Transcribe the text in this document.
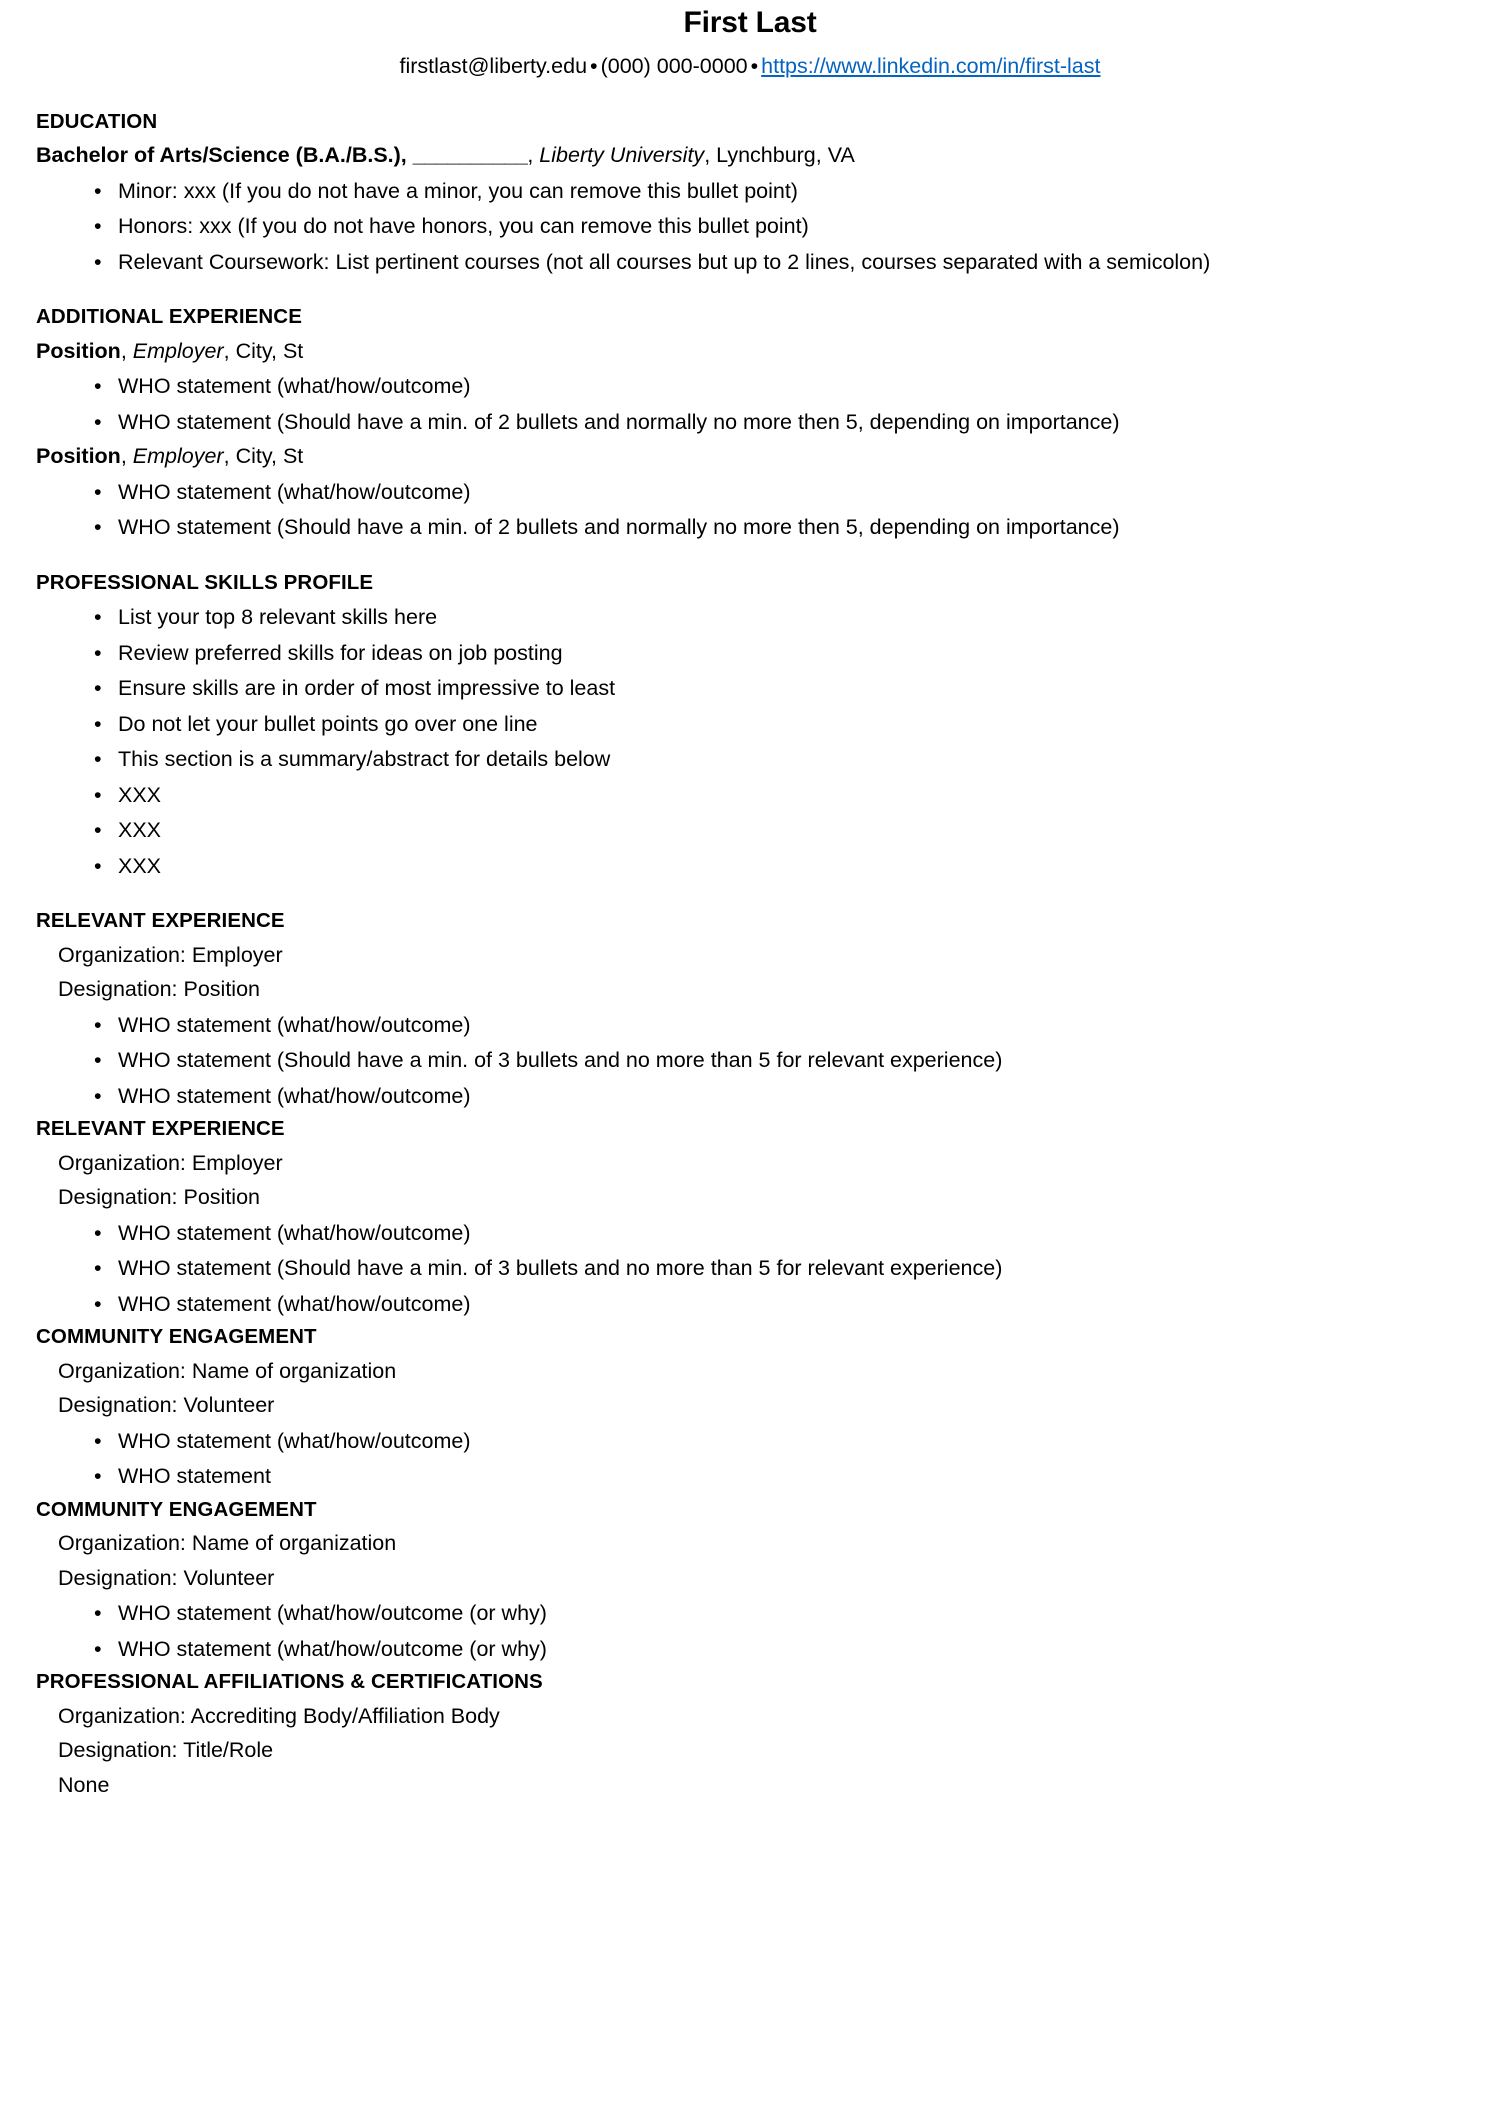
First Last
firstlast@liberty.edu • (000) 000-0000 • https://www.linkedin.com/in/first-last
EDUCATION
Bachelor of Arts/Science (B.A./B.S.), __________, Liberty University, Lynchburg, VA
• Minor: xxx (If you do not have a minor, you can remove this bullet point)
• Honors: xxx (If you do not have honors, you can remove this bullet point)
• Relevant Coursework: List pertinent courses (not all courses but up to 2 lines, courses separated with a semicolon)
ADDITIONAL EXPERIENCE
Position, Employer, City, St
• WHO statement (what/how/outcome)
• WHO statement (Should have a min. of 2 bullets and normally no more then 5, depending on importance)
Position, Employer, City, St
• WHO statement (what/how/outcome)
• WHO statement (Should have a min. of 2 bullets and normally no more then 5, depending on importance)
PROFESSIONAL SKILLS PROFILE
• List your top 8 relevant skills here
• Review preferred skills for ideas on job posting
• Ensure skills are in order of most impressive to least
• Do not let your bullet points go over one line
• This section is a summary/abstract for details below
• XXX
• XXX
• XXX
RELEVANT EXPERIENCE
Organization: Employer
Designation: Position
• WHO statement (what/how/outcome)
• WHO statement (Should have a min. of 3 bullets and no more than 5 for relevant experience)
• WHO statement (what/how/outcome)
RELEVANT EXPERIENCE
Organization: Employer
Designation: Position
• WHO statement (what/how/outcome)
• WHO statement (Should have a min. of 3 bullets and no more than 5 for relevant experience)
• WHO statement (what/how/outcome)
COMMUNITY ENGAGEMENT
Organization: Name of organization
Designation: Volunteer
• WHO statement (what/how/outcome)
• WHO statement
COMMUNITY ENGAGEMENT
Organization: Name of organization
Designation: Volunteer
• WHO statement (what/how/outcome (or why)
• WHO statement (what/how/outcome (or why)
PROFESSIONAL AFFILIATIONS & CERTIFICATIONS
Organization: Accrediting Body/Affiliation Body
Designation: Title/Role
None
